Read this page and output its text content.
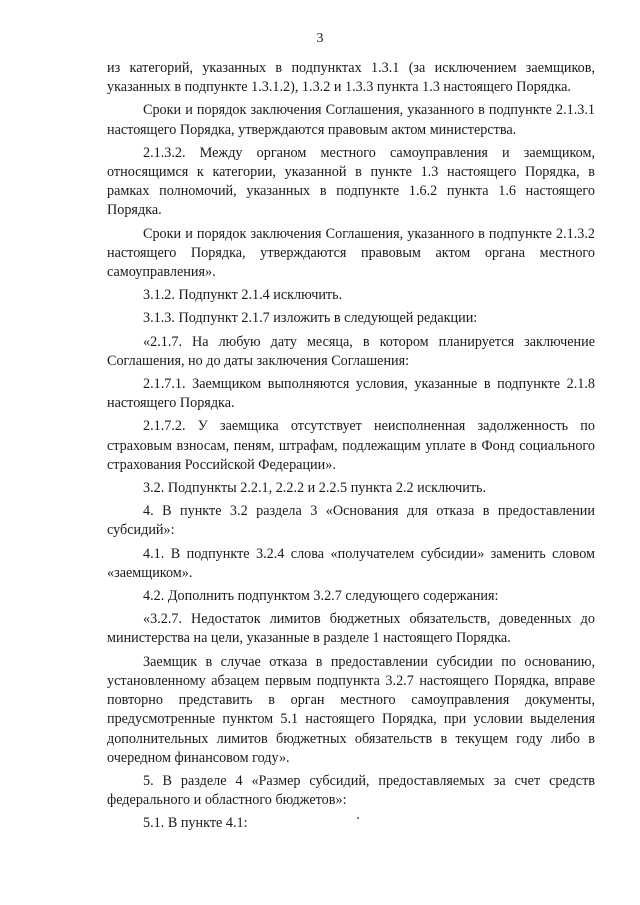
3

из категорий, указанных в подпунктах 1.3.1 (за исключением заемщиков, указанных в подпункте 1.3.1.2), 1.3.2 и 1.3.3 пункта 1.3 настоящего Порядка.

Сроки и порядок заключения Соглашения, указанного в подпункте 2.1.3.1 настоящего Порядка, утверждаются правовым актом министерства.

2.1.3.2. Между органом местного самоуправления и заемщиком, относящимся к категории, указанной в пункте 1.3 настоящего Порядка, в рамках полномочий, указанных в подпункте 1.6.2 пункта 1.6 настоящего Порядка.

Сроки и порядок заключения Соглашения, указанного в подпункте 2.1.3.2 настоящего Порядка, утверждаются правовым актом органа местного самоуправления».

3.1.2. Подпункт 2.1.4 исключить.

3.1.3. Подпункт 2.1.7 изложить в следующей редакции:

«2.1.7. На любую дату месяца, в котором планируется заключение Соглашения, но до даты заключения Соглашения:

2.1.7.1. Заемщиком выполняются условия, указанные в подпункте 2.1.8 настоящего Порядка.

2.1.7.2. У заемщика отсутствует неисполненная задолженность по страховым взносам, пеням, штрафам, подлежащим уплате в Фонд социального страхования Российской Федерации».

3.2. Подпункты 2.2.1, 2.2.2 и 2.2.5 пункта 2.2 исключить.

4. В пункте 3.2 раздела 3 «Основания для отказа в предоставлении субсидий»:

4.1. В подпункте 3.2.4 слова «получателем субсидии» заменить словом «заемщиком».

4.2. Дополнить подпунктом 3.2.7 следующего содержания:

«3.2.7. Недостаток лимитов бюджетных обязательств, доведенных до министерства на цели, указанные в разделе 1 настоящего Порядка.

Заемщик в случае отказа в предоставлении субсидии по основанию, установленному абзацем первым подпункта 3.2.7 настоящего Порядка, вправе повторно представить в орган местного самоуправления документы, предусмотренные пунктом 5.1 настоящего Порядка, при условии выделения дополнительных лимитов бюджетных обязательств в текущем году либо в очередном финансовом году».

5. В разделе 4 «Размер субсидий, предоставляемых за счет средств федерального и областного бюджетов»:

5.1. В пункте 4.1:
